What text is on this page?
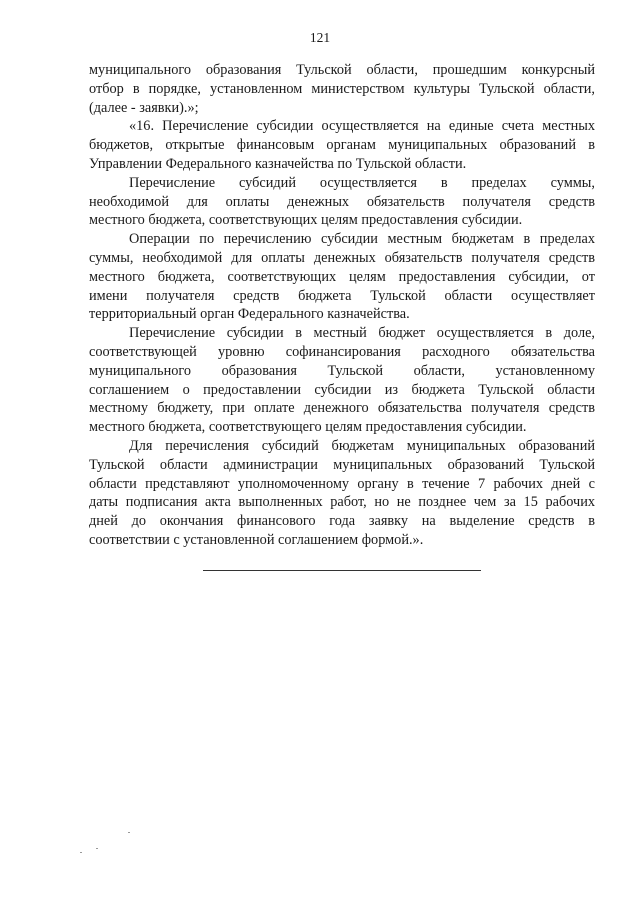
121
муниципального образования Тульской области, прошедшим конкурсный
отбор в порядке, установленном министерством культуры Тульской области,
(далее - заявки).»;
«16. Перечисление субсидии осуществляется на единые счета местных
бюджетов, открытые финансовым органам муниципальных образований в
Управлении Федерального казначейства по Тульской области.
Перечисление субсидий осуществляется в пределах суммы,
необходимой для оплаты денежных обязательств получателя средств
местного бюджета, соответствующих целям предоставления субсидии.
Операции по перечислению субсидии местным бюджетам в пределах
суммы, необходимой для оплаты денежных обязательств получателя средств
местного бюджета, соответствующих целям предоставления субсидии, от
имени получателя средств бюджета Тульской области осуществляет
территориальный орган Федерального казначейства.
Перечисление субсидии в местный бюджет осуществляется в доле,
соответствующей уровню софинансирования расходного обязательства
муниципального образования Тульской области, установленному
соглашением о предоставлении субсидии из бюджета Тульской области
местному бюджету, при оплате денежного обязательства получателя средств
местного бюджета, соответствующего целям предоставления субсидии.
Для перечисления субсидий бюджетам муниципальных образований
Тульской области администрации муниципальных образований Тульской
области представляют уполномоченному органу в течение 7 рабочих дней с
даты подписания акта выполненных работ, но не позднее чем за 15 рабочих
дней до окончания финансового года заявку на выделение средств в
соответствии с установленной соглашением формой.».
